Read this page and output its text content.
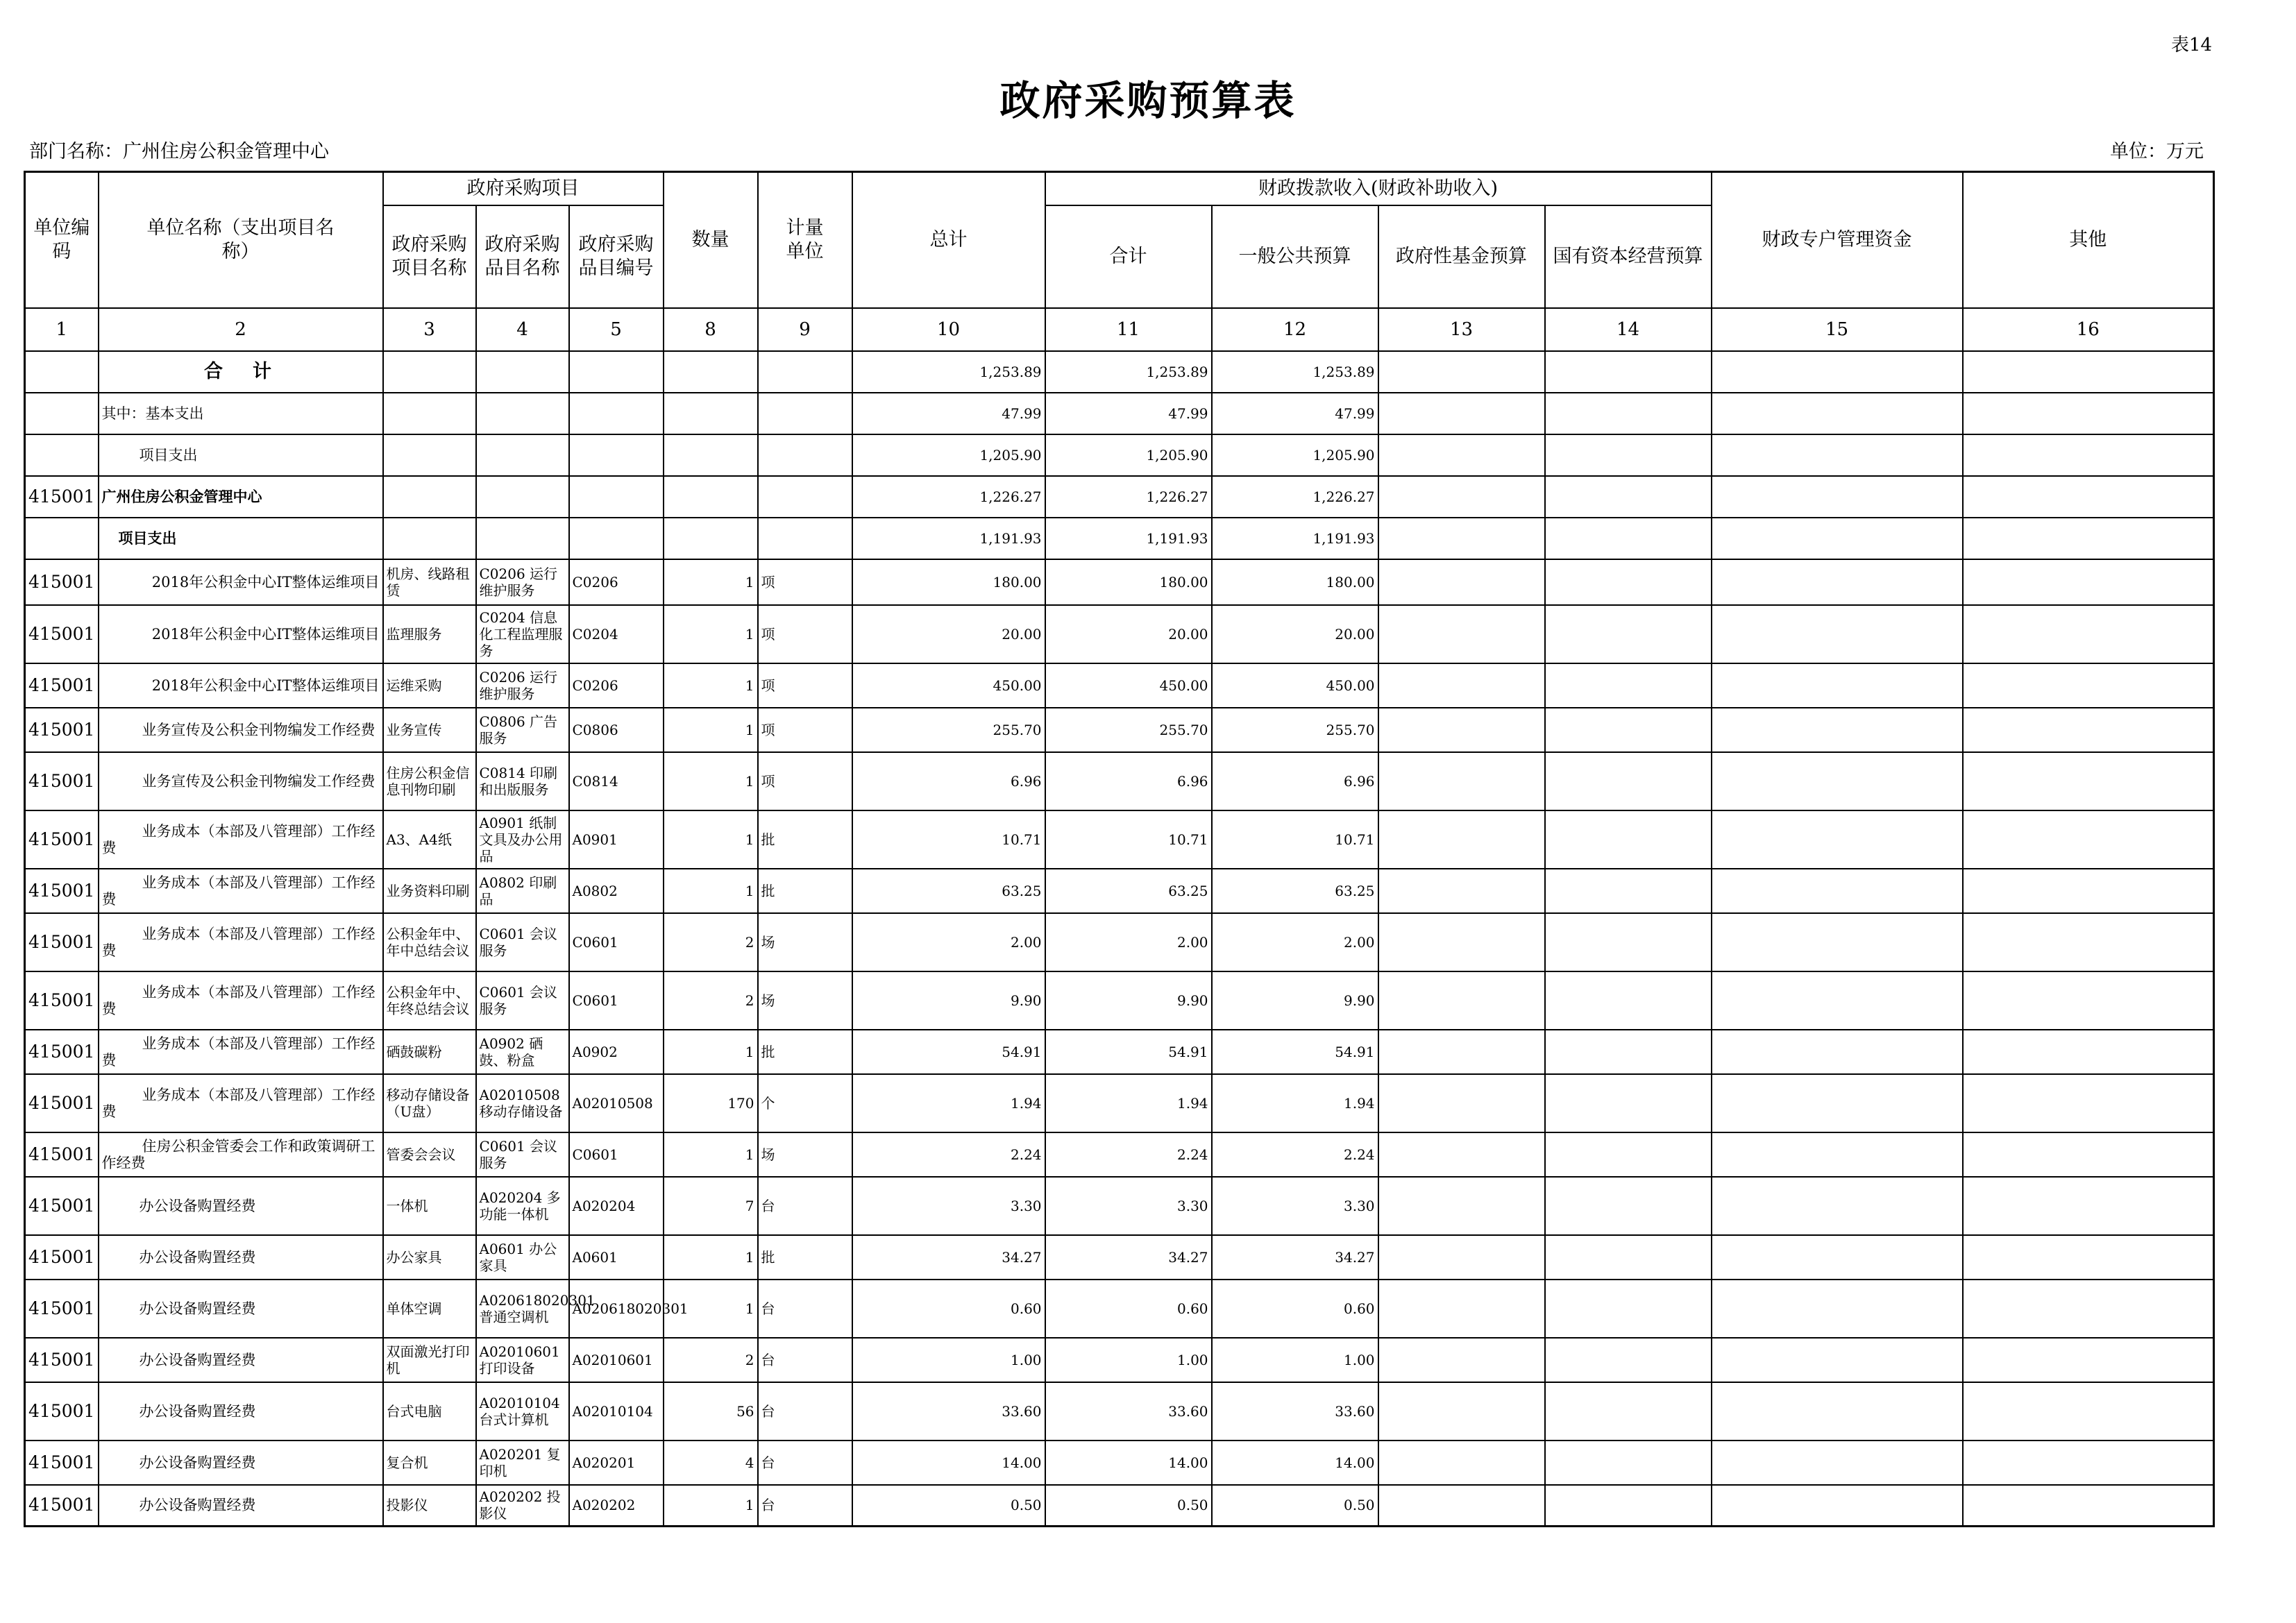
表14
政府采购预算表
部门名称：广州住房公积金管理中心	单位：万元
单位编码	单位名称（支出项目名称）	政府采购项目			数量	计量单位	总计	财政拨款收入(财政补助收入)				财政专户管理资金	其他
		政府采购项目名称	政府采购品目名称	政府采购品目编号				合计	一般公共预算	政府性基金预算	国有资本经营预算		
1	2	3	4	5	8	9	10	11	12	13	14	15	16
	合　计						1,253.89	1,253.89	1,253.89				
	其中：基本支出						47.99	47.99	47.99				
	项目支出						1,205.90	1,205.90	1,205.90				
415001	广州住房公积金管理中心						1,226.27	1,226.27	1,226.27				
	项目支出						1,191.93	1,191.93	1,191.93				
415001	2018年公积金中心IT整体运维项目	机房、线路租赁	C0206 运行维护服务	C0206	1	项	180.00	180.00	180.00				
415001	2018年公积金中心IT整体运维项目	监理服务	C0204 信息化工程监理服务	C0204	1	项	20.00	20.00	20.00				
415001	2018年公积金中心IT整体运维项目	运维采购	C0206 运行维护服务	C0206	1	项	450.00	450.00	450.00				
415001	业务宣传及公积金刊物编发工作经费	业务宣传	C0806 广告服务	C0806	1	项	255.70	255.70	255.70				
415001	业务宣传及公积金刊物编发工作经费	住房公积金信息刊物印刷	C0814 印刷和出版服务	C0814	1	项	6.96	6.96	6.96				
415001	业务成本（本部及八管理部）工作经费	A3、A4纸	A0901 纸制文具及办公用品	A0901	1	批	10.71	10.71	10.71				
415001	业务成本（本部及八管理部）工作经费	业务资料印刷	A0802 印刷品	A0802	1	批	63.25	63.25	63.25				
415001	业务成本（本部及八管理部）工作经费	公积金年中、年中总结会议	C0601 会议服务	C0601	2	场	2.00	2.00	2.00				
415001	业务成本（本部及八管理部）工作经费	公积金年中、年终总结会议	C0601 会议服务	C0601	2	场	9.90	9.90	9.90				
415001	业务成本（本部及八管理部）工作经费	硒鼓碳粉	A0902 硒鼓、粉盒	A0902	1	批	54.91	54.91	54.91				
415001	业务成本（本部及八管理部）工作经费	移动存储设备（U盘）	A02010508 移动存储设备	A02010508	170	个	1.94	1.94	1.94				
415001	住房公积金管委会工作和政策调研工作经费	管委会会议	C0601 会议服务	C0601	1	场	2.24	2.24	2.24				
415001	办公设备购置经费	一体机	A020204 多功能一体机	A020204	7	台	3.30	3.30	3.30				
415001	办公设备购置经费	办公家具	A0601 办公家具	A0601	1	批	34.27	34.27	34.27				
415001	办公设备购置经费	单体空调	A020618020301 普通空调机	A020618020301	1	台	0.60	0.60	0.60				
415001	办公设备购置经费	双面激光打印机	A02010601 打印设备	A02010601	2	台	1.00	1.00	1.00				
415001	办公设备购置经费	台式电脑	A02010104 台式计算机	A02010104	56	台	33.60	33.60	33.60				
415001	办公设备购置经费	复合机	A020201 复印机	A020201	4	台	14.00	14.00	14.00				
415001	办公设备购置经费	投影仪	A020202 投影仪	A020202	1	台	0.50	0.50	0.50				
